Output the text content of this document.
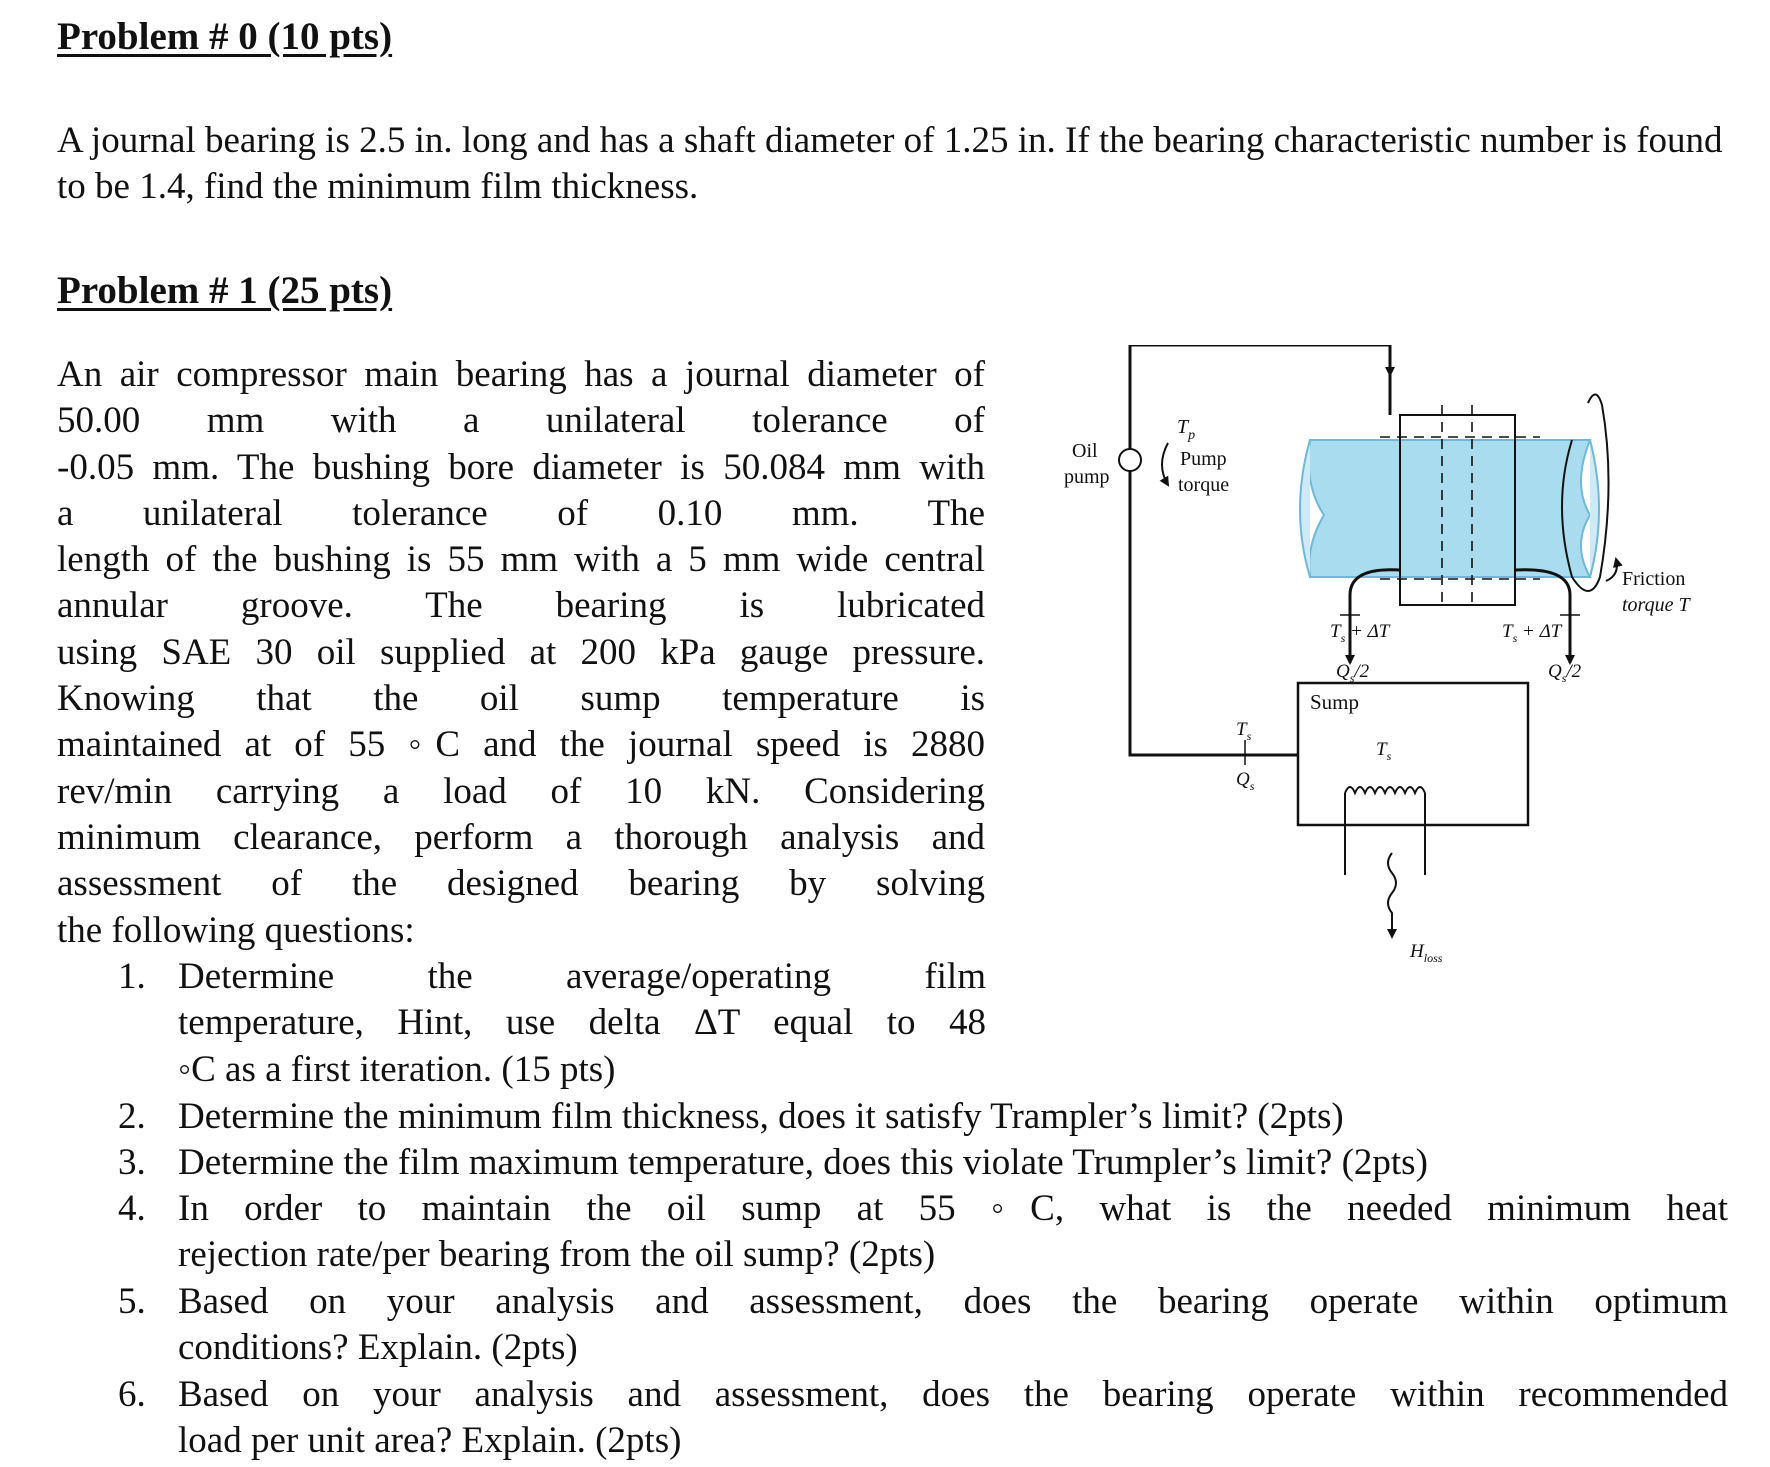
Problem # 0 (10 pts)
A journal bearing is 2.5 in. long and has a shaft diameter of 1.25 in. If the bearing characteristic number is found to be 1.4, find the minimum film thickness.
Problem # 1 (25 pts)
An air compressor main bearing has a journal diameter of
50.00 mm with a unilateral tolerance of
-0.05 mm. The bushing bore diameter is 50.084 mm with
a unilateral tolerance of 0.10 mm. The
length of the bushing is 55 mm with a 5 mm wide central
annular groove. The bearing is lubricated
using SAE 30 oil supplied at 200 kPa gauge pressure.
Knowing that the oil sump temperature is
maintained at of 55 ◦C and the journal speed is 2880
rev/min carrying a load of 10 kN. Considering
minimum clearance, perform a thorough analysis and
assessment of the designed bearing by solving
the following questions:
1. Determine the average/operating film
temperature, Hint, use delta ΔT equal to 48
◦C as a first iteration. (15 pts)
2. Determine the minimum film thickness, does it satisfy Trampler’s limit? (2pts)
3. Determine the film maximum temperature, does this violate Trumpler’s limit? (2pts)
4. In order to maintain the oil sump at 55 ◦C, what is the needed minimum heat
rejection rate/per bearing from the oil sump? (2pts)
5. Based on your analysis and assessment, does the bearing operate within optimum
conditions? Explain. (2pts)
6. Based on your analysis and assessment, does the bearing operate within recommended
load per unit area? Explain. (2pts)
Oil
pump
$T_p$
Pump
torque
Friction
torque T
$T_s + \Delta T$	$T_s + \Delta T$
$Q_s/2$	$Q_s/2$
$T_s$
$Q_s$
Sump
$T_s$
$H_{loss}$
